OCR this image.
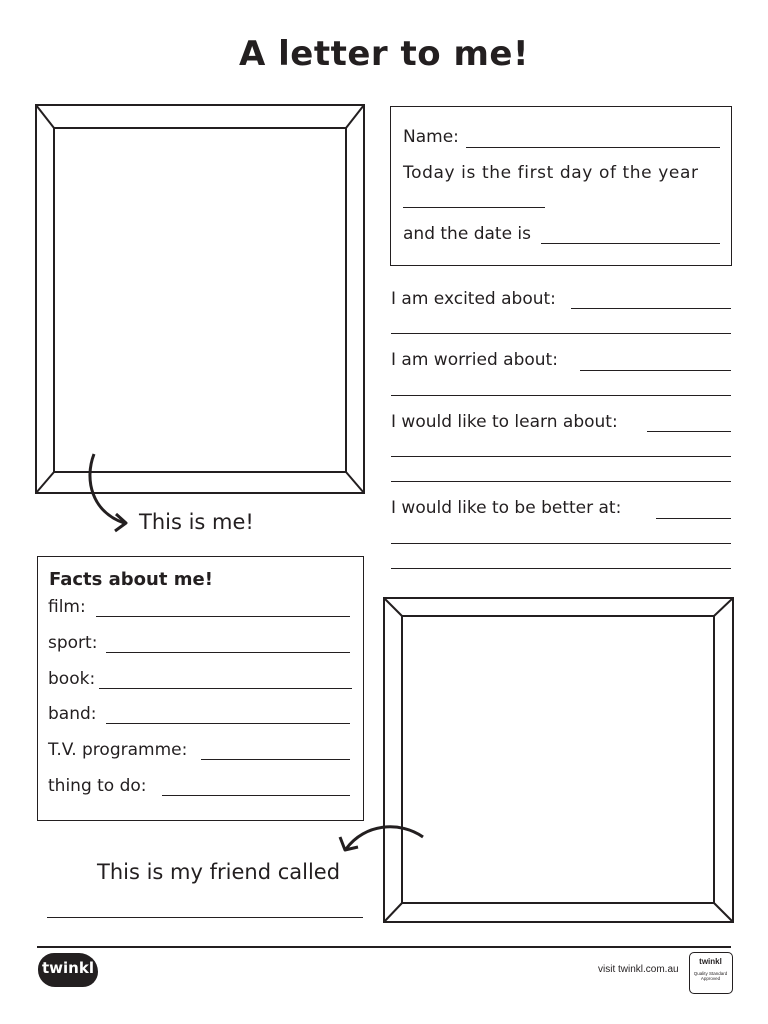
A letter to me!
This is me!
Name:
Today is the first day of the year
and the date is
I am excited about:
I am worried about:
I would like to learn about:
I would like to be better at:
Facts about me!
film:
sport:
book:
band:
T.V. programme:
thing to do:
This is my friend called
twinkl	visit twinkl.com.au
twinkl
Quality Standard Approved
